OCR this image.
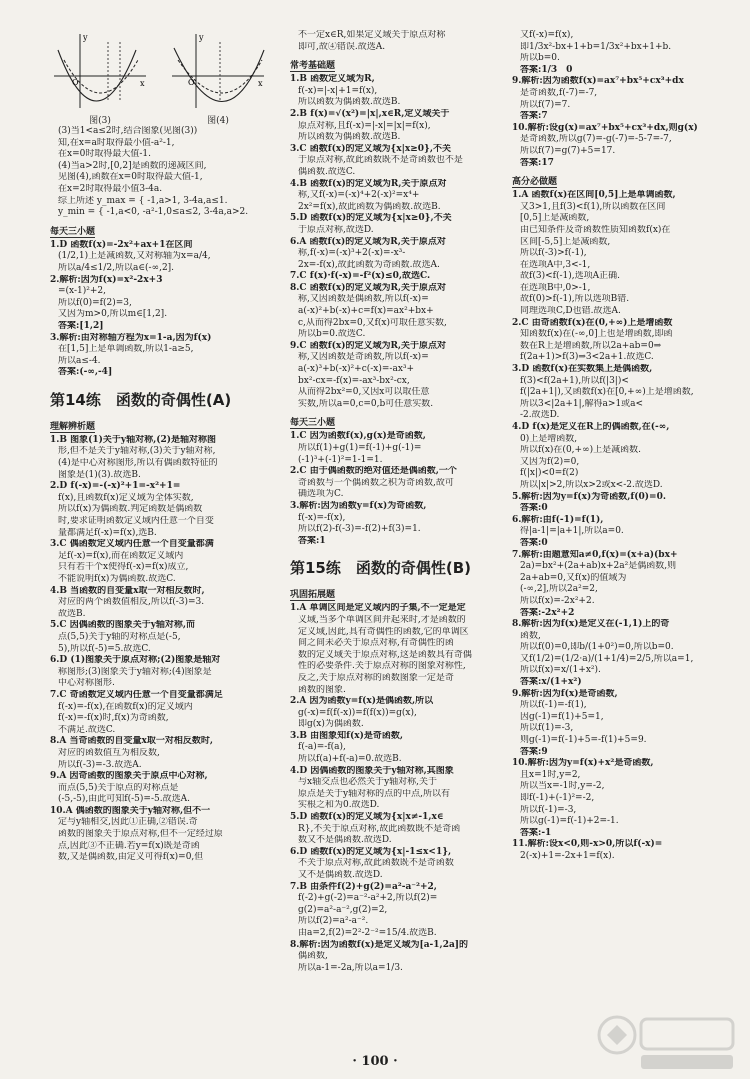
y
x
O
图(3)
y
x
O
图(4)
(3)当1<a≤2时,结合图象(见图(3))
知,在x=a时取得最小值-a²-1,
在x=0时取得最大值-1.
(4)当a>2时,[0,2]是函数的递减区间,
见图(4),函数在x=0时取得最大值-1,
在x=2时取得最小值3-4a.
综上所述 y_max = { -1,a>1, 3-4a,a≤1.
y_min = { -1,a<0, -a²-1,0≤a≤2, 3-4a,a>2.
每天三小题
1.D 函数f(x)=-2x²+ax+1在区间
(1/2,1)上是减函数,又对称轴为x=a/4,
所以a/4≤1/2,所以a∈(-∞,2].
2.解析:因为f(x)=x²-2x+3
=(x-1)²+2,
所以f(0)=f(2)=3,
又因为m>0,所以m∈[1,2].
答案:[1,2]
3.解析:由对称轴方程为x=1-a,因为f(x)
在[1,5]上是单调函数,所以1-a≥5,
所以a≤-4.
答案:(-∞,-4]
第14练　函数的奇偶性(A)
理解辨析题
1.B 图象(1)关于y轴对称,(2)是轴对称图
形,但不是关于y轴对称,(3)关于y轴对称,
(4)是中心对称图形,所以有偶函数特征的
图象是(1)(3).故选B.
2.D f(-x)=-(-x)²+1=-x²+1=
f(x),且函数f(x)定义域为全体实数,
所以f(x)为偶函数.判定函数是偶函数
时,要求证明函数定义域内任意一个自变
量都满足f(-x)=f(x),选B.
3.C 偶函数定义域内任意一个自变量都满
足f(-x)=f(x),而在函数定义域内
只有若干个x使得f(-x)=f(x)成立,
不能说明f(x)为偶函数.故选C.
4.B 当函数的自变量x取一对相反数时,
对应的两个函数值相反,所以f(-3)=3.
故选B.
5.C 因偶函数的图象关于y轴对称,而
点(5,5)关于y轴的对称点是(-5,
5),所以f(-5)=5.故选C.
6.D (1)图象关于原点对称;(2)图象是轴对
称图形;(3)图象关于y轴对称;(4)图象是
中心对称图形.
7.C 奇函数定义域内任意一个自变量都满足
f(-x)=-f(x),在函数f(x)的定义域内
f(-x)=-f(x)时,f(x)为奇函数,
不满足.故选C.
8.A 当奇函数的自变量x取一对相反数时,
对应的函数值互为相反数,
所以f(-3)=-3.故选A.
9.A 因奇函数的图象关于原点中心对称,
而点(5,5)关于原点的对称点是
(-5,-5),由此可知f(-5)=-5.故选A.
10.A 偶函数的图象关于y轴对称,但不一
定与y轴相交,因此①正确,②错误.奇
函数的图象关于原点对称,但不一定经过原
点,因此③不正确.若y=f(x)既是奇函
数,又是偶函数,由定义可得f(x)=0,但
不一定x∈R,如果定义域关于原点对称
即可,故④错误.故选A.
常考基础题
1.B 函数定义域为R,
f(-x)=|-x|+1=f(x),
所以函数为偶函数.故选B.
2.B f(x)=√(x²)=|x|,x∈R,定义域关于
原点对称,且f(-x)=|-x|=|x|=f(x),
所以函数为偶函数.故选B.
3.C 函数f(x)的定义域为{x|x≥0},不关
于原点对称,故此函数既不是奇函数也不是
偶函数.故选C.
4.B 函数f(x)的定义域为R,关于原点对
称,又f(-x)=(-x)⁴+2(-x)²=x⁴+
2x²=f(x),故此函数为偶函数.故选B.
5.D 函数f(x)的定义域为{x|x≥0},不关
于原点对称,故选D.
6.A 函数f(x)的定义域为R,关于原点对
称,f(-x)=(-x)³+2(-x)=-x³-
2x=-f(x),故此函数为奇函数.故选A.
7.C f(x)·f(-x)=-f²(x)≤0,故选C.
8.C 函数f(x)的定义域为R,关于原点对
称,又因函数是偶函数,所以f(-x)=
a(-x)²+b(-x)+c=f(x)=ax²+bx+
c,从而得2bx=0,又f(x)可取任意实数,
所以b=0.故选C.
9.C 函数f(x)的定义域为R,关于原点对
称,又因函数是奇函数,所以f(-x)=
a(-x)³+b(-x)²+c(-x)=-ax³+
bx²-cx=-f(x)=-ax³-bx²-cx,
从而得2bx²=0,又因x可以取任意
实数,所以a=0,c=0,b可任意实数.
每天三小题
1.C 因为函数f(x),g(x)是奇函数,
所以f(1)+g(1)=f(-1)+g(-1)=
(-1)³+(-1)²=1-1=1.
2.C 由于偶函数的绝对值还是偶函数,一个
奇函数与一个偶函数之积为奇函数,故可
确选项为C.
3.解析:因为函数y=f(x)为奇函数,
f(-x)=-f(x),
所以f(2)-f(-3)=-f(2)+f(3)=1.
答案:1
第15练　函数的奇偶性(B)
巩固拓展题
1.A 单调区间是定义域内的子集,不一定是定
义域,当多个单调区间并起来时,才是函数的
定义域,因此,具有奇偶性的函数,它的单调区
间之间未必关于原点对称,有奇偶性的函
数的定义域关于原点对称,这是函数具有奇偶
性的必要条件.关于原点对称的图象对称性,
反之,关于原点对称的函数图象一定是奇
函数的图象.
2.A 因为函数y=f(x)是偶函数,所以
g(-x)=f(f(-x))=f(f(x))=g(x),
即g(x)为偶函数.
3.B 由图象知f(x)是奇函数,
f(-a)=-f(a),
所以f(a)+f(-a)=0.故选B.
4.D 因偶函数的图象关于y轴对称,其图象
与x轴交点也必然关于y轴对称,关于
原点是关于y轴对称的点的中点,所以有
实根之和为0.故选D.
5.D 函数f(x)的定义域为{x|x≠-1,x∈
R},不关于原点对称,故此函数既不是奇函
数又不是偶函数.故选D.
6.D 函数f(x)的定义域为{x|-1≤x<1},
不关于原点对称,故此函数既不是奇函数
又不是偶函数.故选D.
7.B 由条件f(2)+g(2)=a²-a⁻²+2,
f(-2)+g(-2)=a⁻²-a²+2,所以f(2)=
g(2)=a²-a⁻²,g(2)=2,
所以f(2)=a²-a⁻².
由a=2,f(2)=2²-2⁻²=15/4.故选B.
8.解析:因为函数f(x)是定义域为[a-1,2a]的
偶函数,
所以a-1=-2a,所以a=1/3.
又f(-x)=f(x),
即1/3x²-bx+1+b=1/3x²+bx+1+b.
所以b=0.
答案:1/3　0
9.解析:因为函数f(x)=ax⁷+bx⁵+cx³+dx
是奇函数,f(-7)=-7,
所以f(7)=7.
答案:7
10.解析:设g(x)=ax⁷+bx⁵+cx³+dx,则g(x)
是奇函数,所以g(7)=-g(-7)=-5-7=-7,
所以f(7)=g(7)+5=17.
答案:17
高分必做题
1.A 函数f(x)在区间[0,5]上是单调函数,
又3>1,且f(3)<f(1),所以函数在区间
[0,5]上是减函数,
由已知条件及奇函数性质知函数f(x)在
区间[-5,5]上是减函数,
所以f(-3)>f(-1),
在选项A中,3<-1,
故f(3)<f(-1),选项A正确.
在选项B中,0>-1,
故f(0)>f(-1),所以选项B错.
同理选项C,D也错.故选A.
2.C 由奇函数f(x)在(0,+∞)上是增函数
知函数f(x)在(-∞,0]上也是增函数,即函
数在R上是增函数,所以2a+ab=0⇒
f(2a+1)>f(3)⇒3<2a+1.故选C.
3.D 函数f(x)在实数集上是偶函数,
f(3)<f(2a+1),所以f(|3|)<
f(|2a+1|),又函数f(x)在[0,+∞)上是增函数,
所以3<|2a+1|,解得a>1或a<
-2.故选D.
4.D f(x)是定义在R上的偶函数,在(-∞,
0)上是增函数,
所以f(x)在(0,+∞)上是减函数.
又因为f(2)=0,
f(|x|)<0=f(2)
所以|x|>2,所以x>2或x<-2.故选D.
5.解析:因为y=f(x)为奇函数,f(0)=0.
答案:0
6.解析:由f(-1)=f(1),
得|a-1|=|a+1|,所以a=0.
答案:0
7.解析:由题意知a≠0,f(x)=(x+a)(bx+
2a)=bx²+(2a+ab)x+2a²是偶函数,则
2a+ab=0,又f(x)的值域为
(-∞,2],所以2a²=2,
所以f(x)=-2x²+2.
答案:-2x²+2
8.解析:因为f(x)是定义在(-1,1)上的奇
函数,
所以f(0)=0,即b/(1+0²)=0,所以b=0.
又f(1/2)=(1/2·a)/(1+1/4)=2/5,所以a=1,
所以f(x)=x/(1+x²).
答案:x/(1+x²)
9.解析:因为f(x)是奇函数,
所以f(-1)=-f(1),
因g(-1)=f(1)+5=1,
所以f(1)=-3,
则g(-1)=f(-1)+5=-f(1)+5=9.
答案:9
10.解析:因为y=f(x)+x²是奇函数,
且x=1时,y=2,
所以当x=-1时,y=-2,
即f(-1)+(-1)²=-2,
所以f(-1)=-3,
所以g(-1)=f(-1)+2=-1.
答案:-1
11.解析:设x<0,则-x>0,所以f(-x)=
2(-x)+1=-2x+1=f(x).
· 100 ·
